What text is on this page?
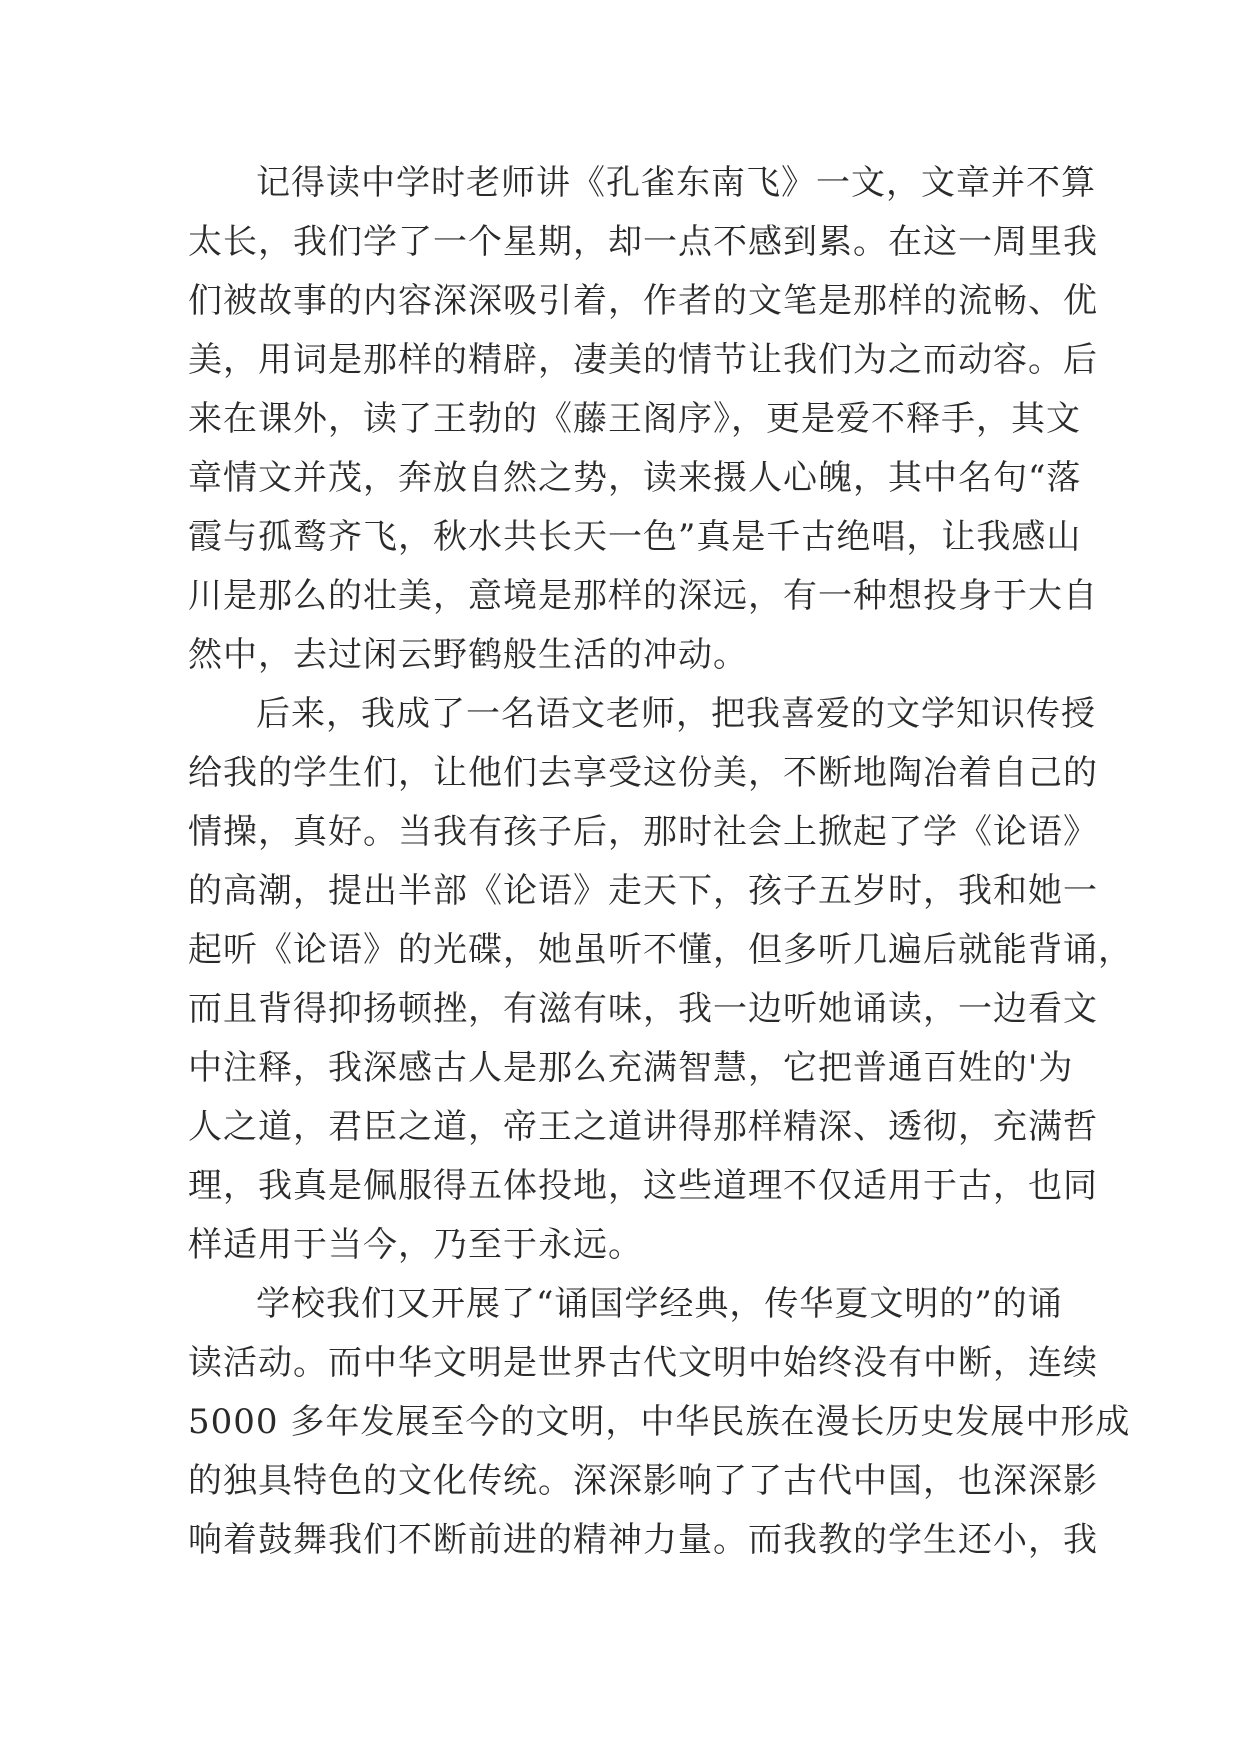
记得读中学时老师讲《孔雀东南飞》一文，文章并不算
太长，我们学了一个星期，却一点不感到累。在这一周里我
们被故事的内容深深吸引着，作者的文笔是那样的流畅、优
美，用词是那样的精辟，凄美的情节让我们为之而动容。后
来在课外，读了王勃的《藤王阁序》，更是爱不释手，其文
章情文并茂，奔放自然之势，读来摄人心魄，其中名句“落
霞与孤鹜齐飞，秋水共长天一色”真是千古绝唱，让我感山
川是那么的壮美，意境是那样的深远，有一种想投身于大自
然中，去过闲云野鹤般生活的冲动。
后来，我成了一名语文老师，把我喜爱的文学知识传授
给我的学生们，让他们去享受这份美，不断地陶冶着自己的
情操，真好。当我有孩子后，那时社会上掀起了学《论语》
的高潮，提出半部《论语》走天下，孩子五岁时，我和她一
起听《论语》的光碟，她虽听不懂，但多听几遍后就能背诵，
而且背得抑扬顿挫，有滋有味，我一边听她诵读，一边看文
中注释，我深感古人是那么充满智慧，它把普通百姓的'为
人之道，君臣之道，帝王之道讲得那样精深、透彻，充满哲
理，我真是佩服得五体投地，这些道理不仅适用于古，也同
样适用于当今，乃至于永远。
学校我们又开展了“诵国学经典，传华夏文明的”的诵
读活动。而中华文明是世界古代文明中始终没有中断，连续
5000 多年发展至今的文明，中华民族在漫长历史发展中形成
的独具特色的文化传统。深深影响了了古代中国，也深深影
响着鼓舞我们不断前进的精神力量。而我教的学生还小，我
